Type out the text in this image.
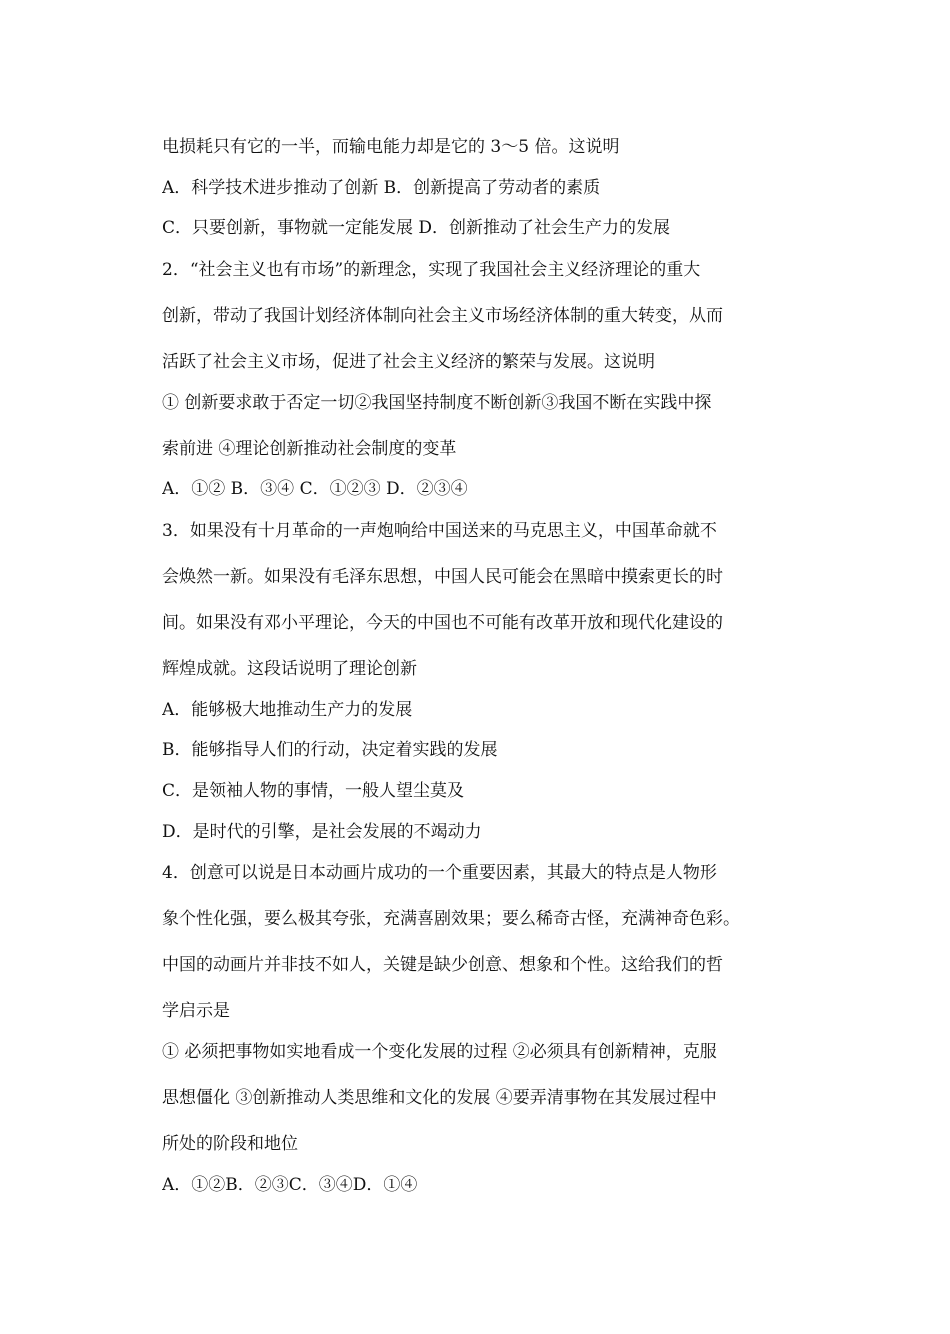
电损耗只有它的一半，而输电能力却是它的 3～5 倍。这说明
A．科学技术进步推动了创新 B．创新提高了劳动者的素质
C．只要创新，事物就一定能发展 D．创新推动了社会生产力的发展
2．“社会主义也有市场”的新理念，实现了我国社会主义经济理论的重大
创新，带动了我国计划经济体制向社会主义市场经济体制的重大转变，从而
活跃了社会主义市场，促进了社会主义经济的繁荣与发展。这说明
① 创新要求敢于否定一切②我国坚持制度不断创新③我国不断在实践中探
索前进 ④理论创新推动社会制度的变革
A．①② B．③④ C．①②③ D．②③④
3．如果没有十月革命的一声炮响给中国送来的马克思主义，中国革命就不
会焕然一新。如果没有毛泽东思想，中国人民可能会在黑暗中摸索更长的时
间。如果没有邓小平理论，今天的中国也不可能有改革开放和现代化建设的
辉煌成就。这段话说明了理论创新
A．能够极大地推动生产力的发展
B．能够指导人们的行动，决定着实践的发展
C．是领袖人物的事情，一般人望尘莫及
D．是时代的引擎，是社会发展的不竭动力
4．创意可以说是日本动画片成功的一个重要因素，其最大的特点是人物形
象个性化强，要么极其夸张，充满喜剧效果；要么稀奇古怪，充满神奇色彩。
中国的动画片并非技不如人，关键是缺少创意、想象和个性。这给我们的哲
学启示是
① 必须把事物如实地看成一个变化发展的过程 ②必须具有创新精神，克服
思想僵化 ③创新推动人类思维和文化的发展 ④要弄清事物在其发展过程中
所处的阶段和地位
A．①②B．②③C．③④D．①④
